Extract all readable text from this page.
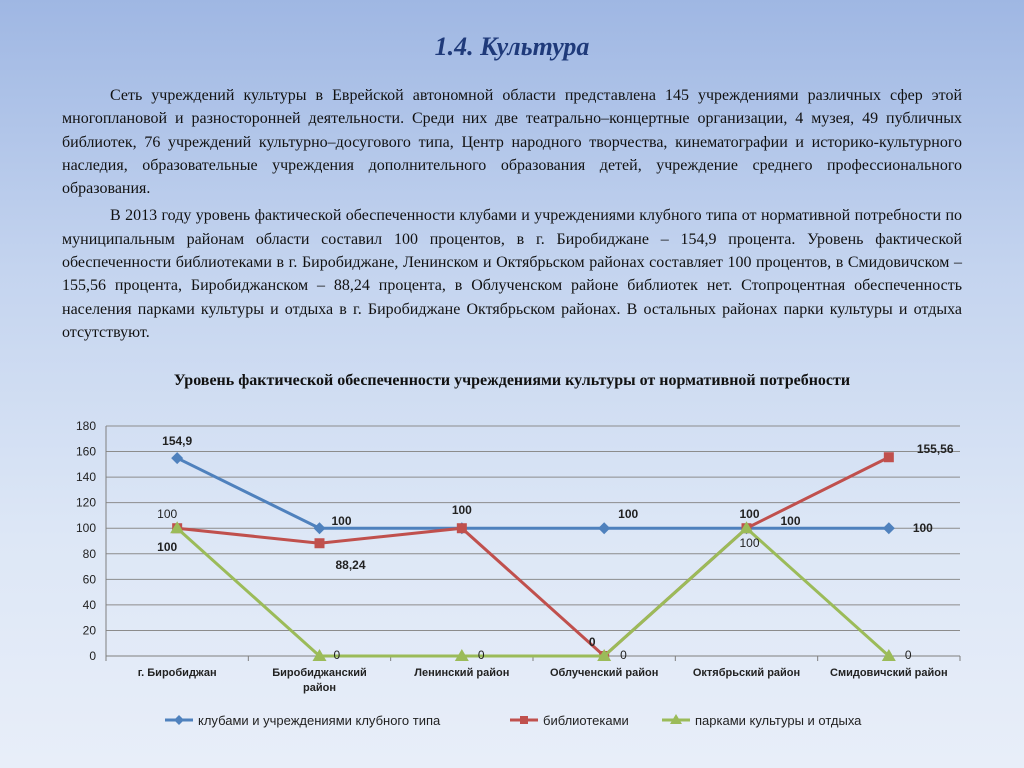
1.4. Культура

Сеть учреждений культуры в Еврейской автономной области представлена 145 учреждениями различных сфер этой многоплановой и разносторонней деятельности. Среди них две театрально–концертные организации, 4 музея, 49 публичных библиотек, 76 учреждений культурно–досугового типа, Центр народного творчества, кинематографии и историко-культурного наследия, образовательные учреждения дополнительного образования детей, учреждение среднего профессионального образования.

В 2013 году уровень фактической обеспеченности клубами и учреждениями клубного типа от нормативной потребности по муниципальным районам области составил 100 процентов, в г. Биробиджане – 154,9 процента. Уровень фактической обеспеченности библиотеками в г. Биробиджане, Ленинском и Октябрьском районах составляет 100 процентов, в Смидовичском – 155,56 процента, Биробиджанском – 88,24 процента, в Облученском районе библиотек нет. Стопроцентная обеспеченность населения парками культуры и отдыха в г. Биробиджане Октябрьском районах. В остальных районах парки культуры и отдыха отсутствуют.

Уровень фактической обеспеченности учреждениями культуры от нормативной потребности
0
20
40
60
80
100
120
140
160
180
г. Биробиджан	Биробиджанский
район
Ленинский район	Облученский район	Октябрьский район	Смидовичский район
154,9
100	100	100
100
100
88,24
100
0
100
155,56
100
0	0	0
100
0
клубами и учреждениями клубного типа	библиотеками	парками культуры и отдыха
